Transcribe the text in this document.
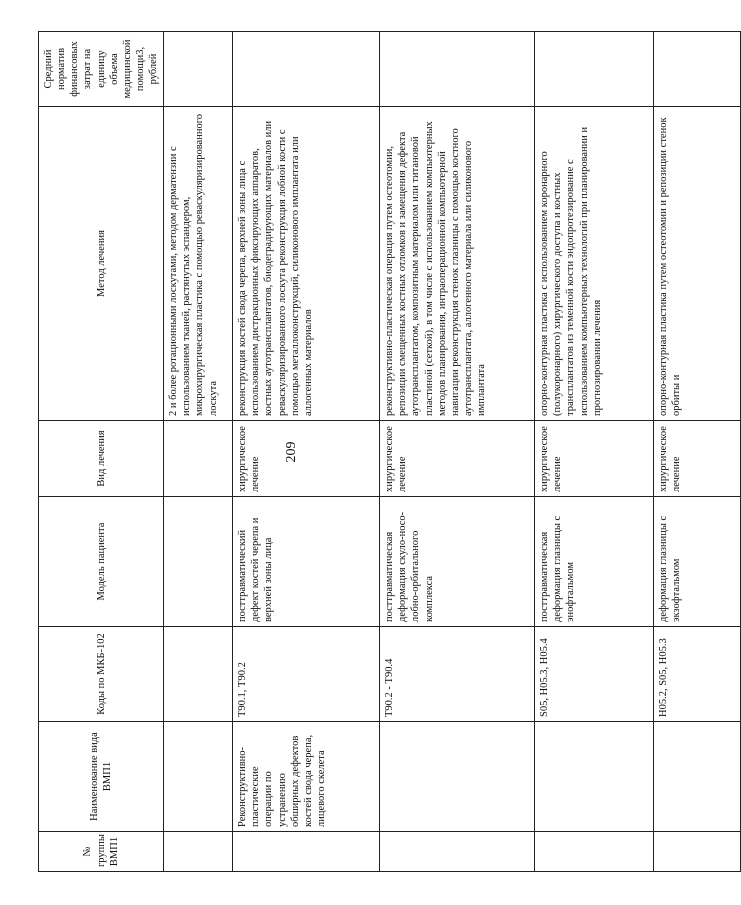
209
№ группы ВМП1	Наименование вида ВМП1	Коды по МКБ-102	Модель пациента	Вид лечения	Метод лечения	Средний норматив финансовых затрат на единицу объема медицинской помощи3, рублей
					2 и более ротационными лоскутами, методом дерматензии с использованием тканей, растянутых эспандером, микрохирургическая пластика с помощью реваскуляризированного лоскута	
	Реконструктивно-пластические операции по устранению обширных дефектов костей свода черепа, лицевого скелета	Т90.1, Т90.2	посттравматический дефект костей черепа и верхней зоны лица	хирургическое лечение	реконструкция костей свода черепа, верхней зоны лица с использованием дистракционных фиксирующих аппаратов, костных аутотрансплантатов, биодеградирующих материалов или реваскуляризированного лоскута реконструкция лобной кости с помощью металлоконструкций, силиконового имплантата или аллогенных материалов	
		Т90.2 - Т90.4	посттравматическая деформация скуло-носо-лобно-орбитального комплекса	хирургическое лечение	реконструктивно-пластическая операция путем остеотомии, репозиции смещенных костных отломков и замещения дефекта аутотрансплантатом, композитным материалом или титановой пластиной (сеткой), в том числе с использованием компьютерных методов планирования, интраоперационной компьютерной навигации реконструкция стенок глазницы с помощью костного аутотрансплантата, аллогенного материала или силиконового имплантата	
		S05, H05.3, H05.4	посттравматическая деформация глазницы с энофтальмом	хирургическое лечение	опорно-контурная пластика с использованием коронарного (полукоронарного) хирургического доступа и костных трансплантатов из теменной кости эндопротезирование с использованием компьютерных технологий при планировании и прогнозировании лечения	
		H05.2, S05, H05.3	деформация глазницы с экзофтальмом	хирургическое лечение	опорно-контурная пластика путем остеотомии и репозиции стенок орбиты и	
